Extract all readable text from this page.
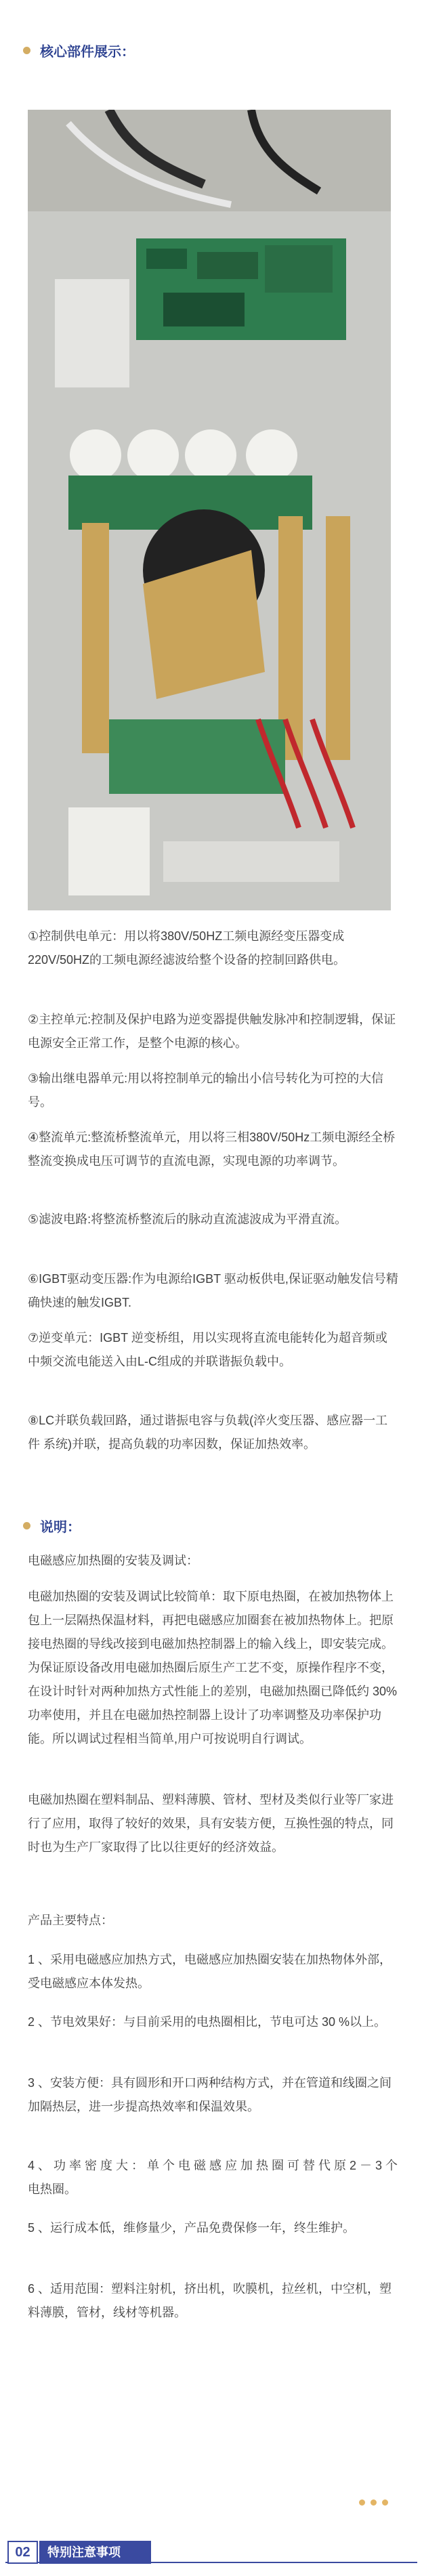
核心部件展示：

①控制供电单元：用以将380V/50HZ工频电源经变压器变成220V/50HZ的工频电源经滤波给整个设备的控制回路供电。

②主控单元:控制及保护电路为逆变器提供触发脉冲和控制逻辑，保证电源安全正常工作，是整个电源的核心。

③输出继电器单元:用以将控制单元的输出小信号转化为可控的大信号。

④整流单元:整流桥整流单元，用以将三相380V/50Hz工频电源经全桥整流变换成电压可调节的直流电源，实现电源的功率调节。

⑤滤波电路:将整流桥整流后的脉动直流滤波成为平滑直流。

⑥IGBT驱动变压器:作为电源给IGBT 驱动板供电,保证驱动触发信号精确快速的触发IGBT.

⑦逆变单元：IGBT 逆变桥组，用以实现将直流电能转化为超音频或中频交流电能送入由L-C组成的并联谐振负载中。

⑧LC并联负载回路，通过谐振电容与负载(淬火变压器、感应器一工件 系统)并联，提高负载的功率因数，保证加热效率。

说明：

电磁感应加热圈的安装及调试：

电磁加热圈的安装及调试比较简单：取下原电热圈，在被加热物体上包上一层隔热保温材料，再把电磁感应加圈套在被加热物体上。把原接电热圈的导线改接到电磁加热控制器上的输入线上，即安装完成。 为保证原设备改用电磁加热圈后原生产工艺不变，原操作程序不变，在设计时针对两种加热方式性能上的差别，电磁加热圈已降低约 30% 功率使用，并且在电磁加热控制器上设计了功率调整及功率保护功能。所以调试过程相当简单,用户可按说明自行调试。

电磁加热圈在塑料制品、塑料薄膜、管材、型材及类似行业等厂家进行了应用，取得了较好的效果，具有安装方便，互换性强的特点，同时也为生产厂家取得了比以往更好的经济效益。

产品主要特点：

1 、采用电磁感应加热方式，电磁感应加热圈安装在加热物体外部，受电磁感应本体发热。

2 、节电效果好：与目前采用的电热圈相比，节电可达 30 %以上。

3 、安装方便：具有圆形和开口两种结构方式，并在管道和线圈之间加隔热层，进一步提高热效率和保温效果。

4 、 功 率 密 度 大 ： 单 个 电 磁 感 应 加 热 圈 可 替 代 原 2 － 3 个电热圈。

5 、运行成本低，维修量少，产品免费保修一年，终生维护。

6 、适用范围：塑料注射机，挤出机，吹膜机，拉丝机，中空机，塑料薄膜，管材，线材等机器。

02	特别注意事项
